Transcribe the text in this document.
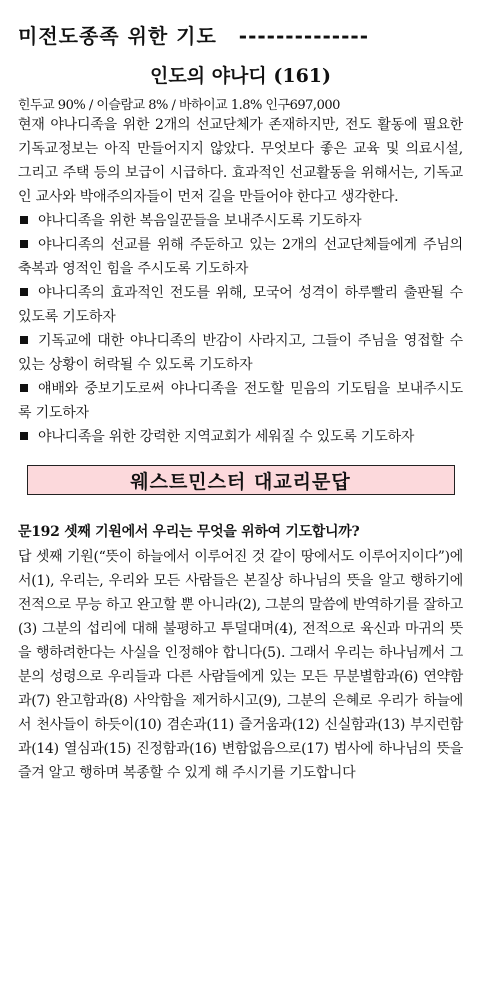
미전도종족 위한 기도 --------------
인도의 야나디 (161)
힌두교 90% / 이슬람교 8% / 바하이교 1.8% 인구697,000

현재 야나디족을 위한 2개의 선교단체가 존재하지만, 전도 활동에 필요한 기독교정보는 아직 만들어지지 않았다. 무엇보다 좋은 교육 및 의료시설, 그리고 주택 등의 보급이 시급하다. 효과적인 선교활동을 위해서는, 기독교인 교사와 박애주의자들이 먼저 길을 만들어야 한다고 생각한다.

야나디족을 위한 복음일꾼들을 보내주시도록 기도하자
야나디족의 선교를 위해 주둔하고 있는 2개의 선교단체들에게 주님의 축복과 영적인 힘을 주시도록 기도하자
야나디족의 효과적인 전도를 위해, 모국어 성격이 하루빨리 출판될 수 있도록 기도하자
기독교에 대한 야나디족의 반감이 사라지고, 그들이 주님을 영접할 수 있는 상황이 허락될 수 있도록 기도하자
얘배와 중보기도로써 야나디족을 전도할 믿음의 기도팀을 보내주시도록 기도하자
야나디족을 위한 강력한 지역교회가 세워질 수 있도록 기도하자
웨스트민스터 대교리문답
문192 셋째 기원에서 우리는 무엇을 위하여 기도합니까?
답 셋째 기원(“뜻이 하늘에서 이루어진 것 같이 땅에서도 이루어지이다”)에서(1), 우리는, 우리와 모든 사람들은 본질상 하나님의 뜻을 알고 행하기에 전적으로 무능 하고 완고할 뿐 아니라(2), 그분의 말씀에 반역하기를 잘하고(3) 그분의 섭리에 대해 불평하고 투덜대며(4), 전적으로 육신과 마귀의 뜻을 행하려한다는 사실을 인정해야 합니다(5). 그래서 우리는 하나님께서 그분의 성령으로 우리들과 다른 사람들에게 있는 모든 무분별함과(6) 연약함과(7) 완고함과(8) 사악함을 제거하시고(9), 그분의 은혜로 우리가 하늘에서 천사들이 하듯이(10) 겸손과(11) 즐거움과(12) 신실함과(13) 부지런함과(14) 열심과(15) 진정함과(16) 변함없음으로(17) 범사에 하나님의 뜻을 즐겨 알고 행하며 복종할 수 있게 해 주시기를 기도합니다
